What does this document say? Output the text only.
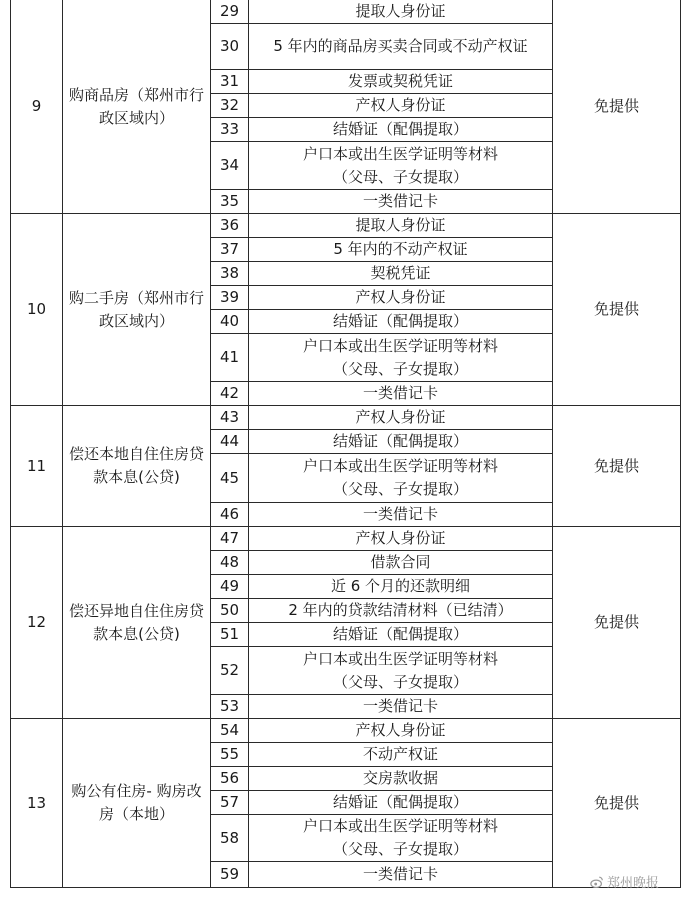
9	购商品房（郑州市行政区域内）	29	提取人身份证	免提供
		30	5 年内的商品房买卖合同或不动产权证	
		31	发票或契税凭证	
		32	产权人身份证	
		33	结婚证（配偶提取）	
		34	户口本或出生医学证明等材料
（父母、子女提取）	
		35	一类借记卡	
10	购二手房（郑州市行政区域内）	36	提取人身份证	免提供
		37	5 年内的不动产权证	
		38	契税凭证	
		39	产权人身份证	
		40	结婚证（配偶提取）	
		41	户口本或出生医学证明等材料
（父母、子女提取）	
		42	一类借记卡	
11	偿还本地自住住房贷款本息(公贷)	43	产权人身份证	免提供
		44	结婚证（配偶提取）	
		45	户口本或出生医学证明等材料
（父母、子女提取）	
		46	一类借记卡	
12	偿还异地自住住房贷款本息(公贷)	47	产权人身份证	免提供
		48	借款合同	
		49	近 6 个月的还款明细	
		50	2 年内的贷款结清材料（已结清）	
		51	结婚证（配偶提取）	
		52	户口本或出生医学证明等材料
（父母、子女提取）	
		53	一类借记卡	
13	购公有住房- 购房改房（本地）	54	产权人身份证	免提供
		55	不动产权证	
		56	交房款收据	
		57	结婚证（配偶提取）	
		58	户口本或出生医学证明等材料
（父母、子女提取）	
		59	一类借记卡	
郑州晚报
